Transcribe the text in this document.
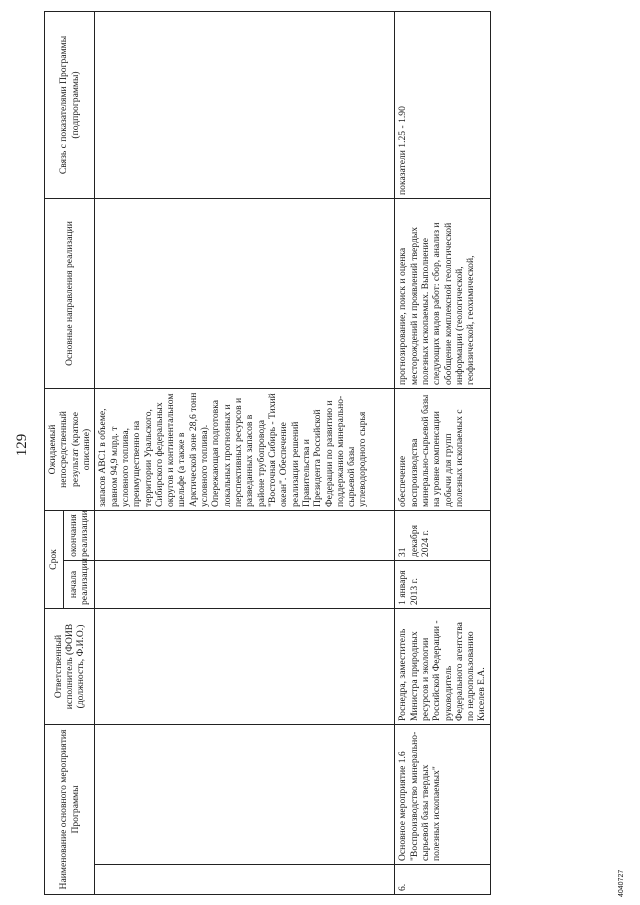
129
Наименование основного мероприятия Программы		Ответственный исполнитель (ФОИВ (должность, Ф.И.О.)	Срок		Ожидаемый непосредственный результат (краткое описание)	Основные направления реализации	Связь с показателями Программы (подпрограммы)
			начала реализации	окончания реализации			
					запасов АВС1 в объеме, равном 94,9 млрд. т условного топлива, преимущественно на территории Уральского, Сибирского федеральных округов и континентальном шельфе (а также в Арктической зоне 28,6 тонн условного топлива). Опережающая подготовка локальных прогнозных и перспективных ресурсов и разведанных запасов в районе трубопровода "Восточная Сибирь - Тихий океан". Обеспечение реализации решений Правительства и Президента Российской Федерации по развитию и поддержанию минерально-сырьевой базы углеводородного сырья		
6.	Основное мероприятие 1.6 "Воспроизводство минерально-сырьевой базы твердых полезных ископаемых"	Роснедра, заместитель Министра природных ресурсов и экологии Российской Федерации - руководитель Федерального агентства по недропользованию Киселев Е.А.	1 января 2013 г.	31 декабря 2024 г.	обеспечение воспроизводства минерально-сырьевой базы на уровне компенсации добычи для групп полезных ископаемых с	прогнозирование, поиск и оценка месторождений и проявлений твердых полезных ископаемых. Выполнение следующих видов работ: сбор, анализ и обобщение комплексной геологической информации (геологической, геофизической, геохимической,	показатели 1.25 - 1.90
4040727
